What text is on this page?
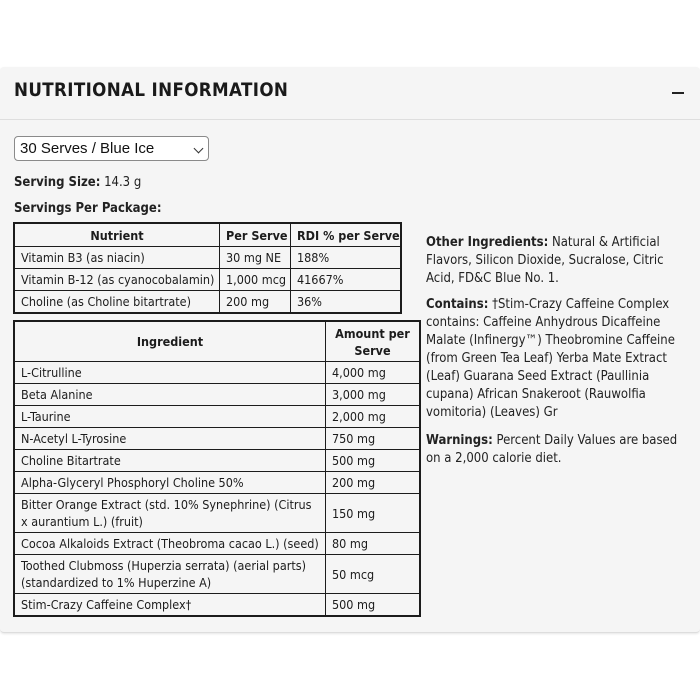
NUTRITIONAL INFORMATION
30 Serves / Blue Ice
Serving Size: 14.3 g
Servings Per Package:
Nutrient	Per Serve	RDI % per Serve
Vitamin B3 (as niacin)	30 mg NE	188%
Vitamin B-12 (as cyanocobalamin)	1,000 mcg	41667%
Choline (as Choline bitartrate)	200 mg	36%
Ingredient	Amount per Serve
L-Citrulline	4,000 mg
Beta Alanine	3,000 mg
L-Taurine	2,000 mg
N-Acetyl L-Tyrosine	750 mg
Choline Bitartrate	500 mg
Alpha-Glyceryl Phosphoryl Choline 50%	200 mg
Bitter Orange Extract (std. 10% Synephrine) (Citrus x aurantium L.) (fruit)	150 mg
Cocoa Alkaloids Extract (Theobroma cacao L.) (seed)	80 mg
Toothed Clubmoss (Huperzia serrata) (aerial parts) (standardized to 1% Huperzine A)	50 mcg
Stim-Crazy Caffeine Complex†	500 mg
Other Ingredients: Natural & Artificial Flavors, Silicon Dioxide, Sucralose, Citric Acid, FD&C Blue No. 1.
Contains: †Stim-Crazy Caffeine Complex contains: Caffeine Anhydrous Dicaffeine Malate (Infinergy™) Theobromine Caffeine (from Green Tea Leaf) Yerba Mate Extract (Leaf) Guarana Seed Extract (Paullinia cupana) African Snakeroot (Rauwolfia vomitoria) (Leaves) Gr
Warnings: Percent Daily Values are based on a 2,000 calorie diet.
